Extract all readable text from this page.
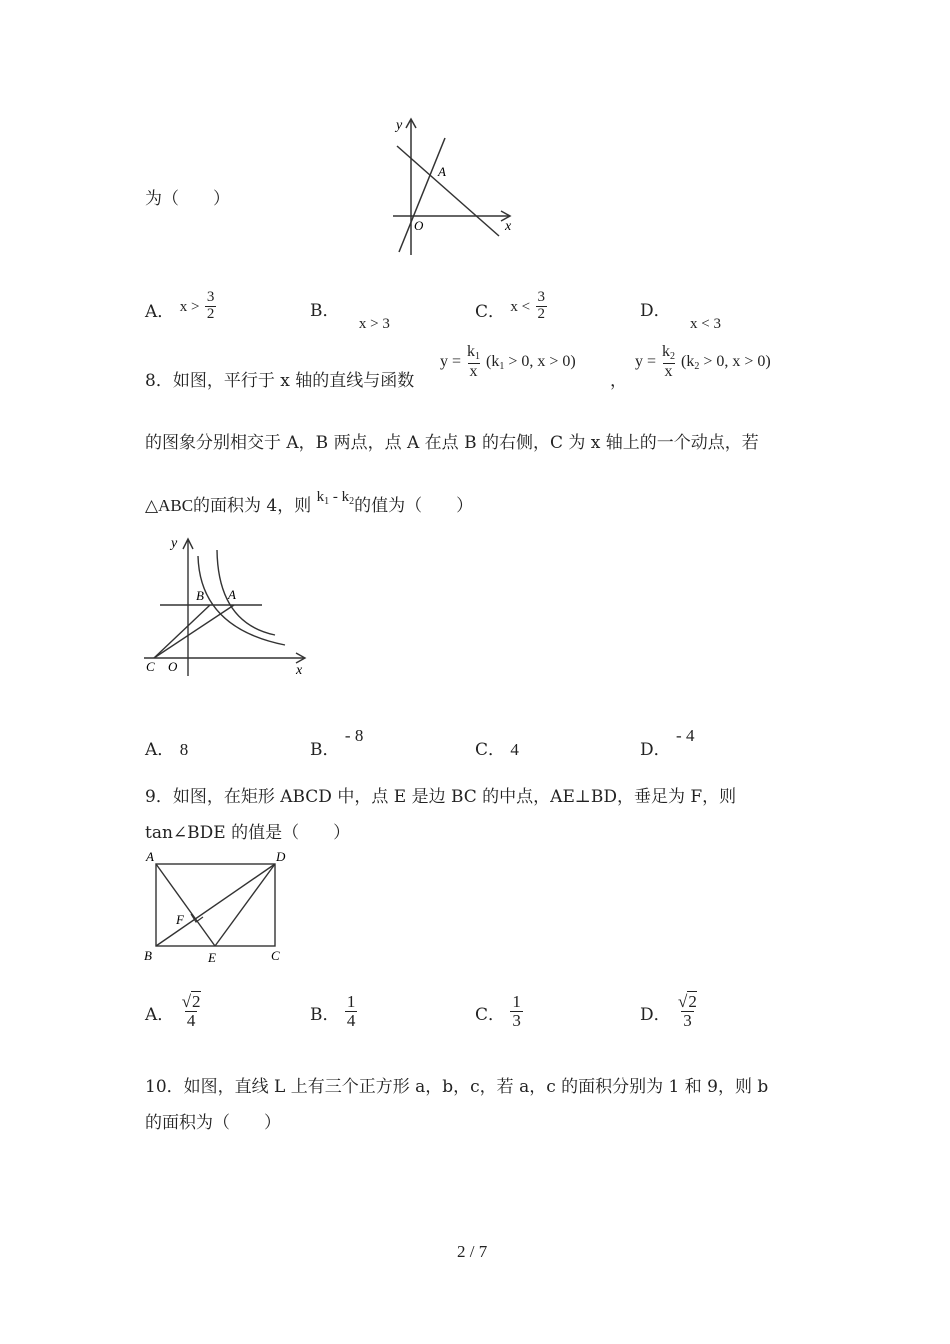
为（　　）
y
x
A
O
A． $x > \frac{3}{2}$	B． x > 3
C． $x < \frac{3}{2}$	D． x < 3
8．如图，平行于 x 轴的直线与函数
$y = \frac{k_1}{x} (k_1 > 0$, x > 0)
，
$y = \frac{k_2}{x} (k_2 > 0$, x > 0)
的图象分别相交于 A，B 两点，点 A 在点 B 的右侧，C 为 x 轴上的一个动点，若
△ABC的面积为 4，则 $k_1 - k_2$的值为（　　）
y
x
B A
C O
A． 8	B． - 8
C． 4	D． - 4
9．如图，在矩形 ABCD 中，点 E 是边 BC 的中点，AE⊥BD，垂足为 F，则
tan∠BDE 的值是（　　）
A	D
F
B	E	C
A． $\frac{√2}{4}$	B． $\frac{1}{4}$	C． $\frac{1}{3}$	D． $\frac{√2}{3}$
10．如图，直线 L 上有三个正方形 a，b，c，若 a，c 的面积分别为 1 和 9，则 b
的面积为（　　）
2 / 7
